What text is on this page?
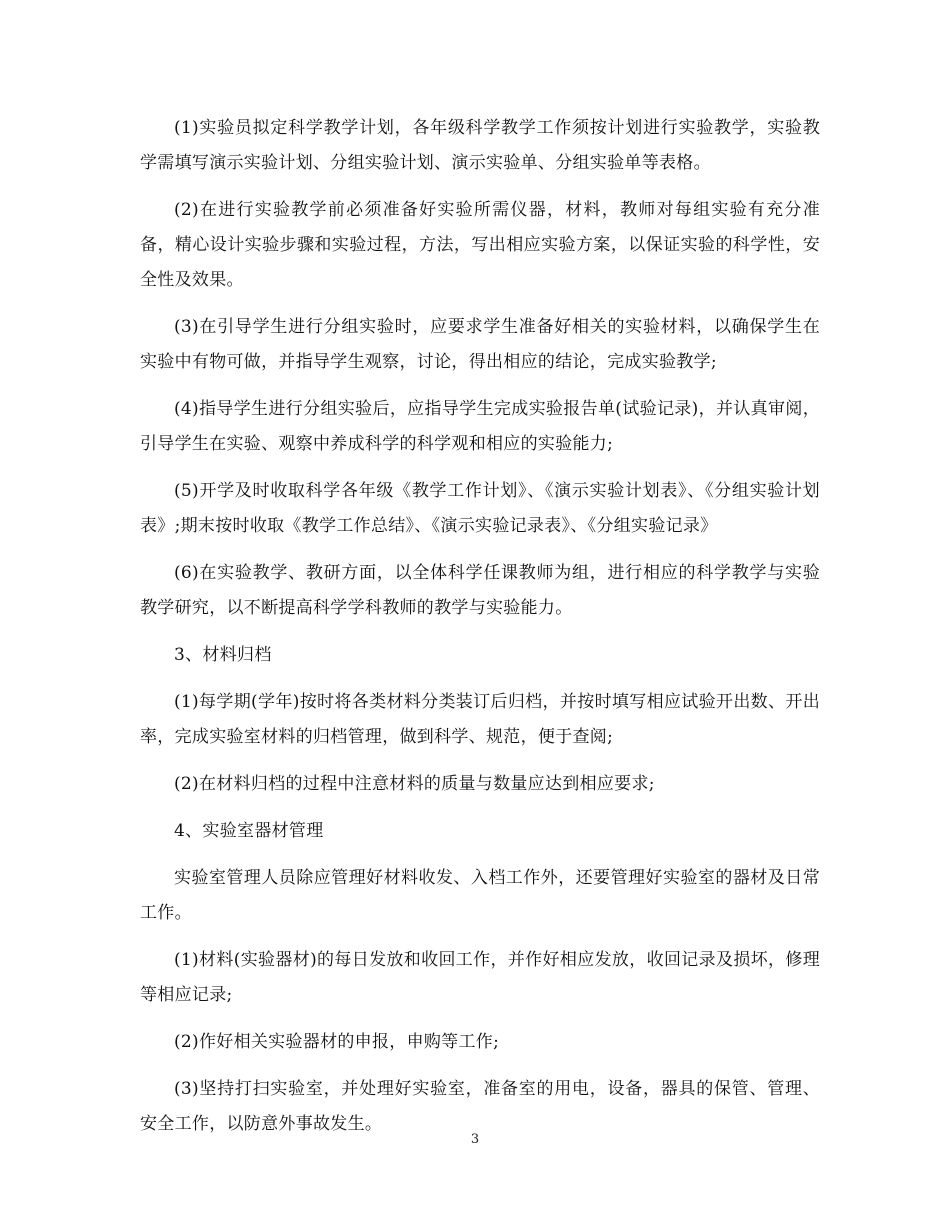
(1)实验员拟定科学教学计划，各年级科学教学工作须按计划进行实验教学，实验教学需填写演示实验计划、分组实验计划、演示实验单、分组实验单等表格。

(2)在进行实验教学前必须准备好实验所需仪器，材料，教师对每组实验有充分准备，精心设计实验步骤和实验过程，方法，写出相应实验方案，以保证实验的科学性，安全性及效果。

(3)在引导学生进行分组实验时，应要求学生准备好相关的实验材料，以确保学生在实验中有物可做，并指导学生观察，讨论，得出相应的结论，完成实验教学;

(4)指导学生进行分组实验后，应指导学生完成实验报告单(试验记录)，并认真审阅，引导学生在实验、观察中养成科学的科学观和相应的实验能力;

(5)开学及时收取科学各年级《教学工作计划》、《演示实验计划表》、《分组实验计划表》;期末按时收取《教学工作总结》、《演示实验记录表》、《分组实验记录》

(6)在实验教学、教研方面，以全体科学任课教师为组，进行相应的科学教学与实验教学研究，以不断提高科学学科教师的教学与实验能力。

3、材料归档

(1)每学期(学年)按时将各类材料分类装订后归档，并按时填写相应试验开出数、开出率，完成实验室材料的归档管理，做到科学、规范，便于查阅;

(2)在材料归档的过程中注意材料的质量与数量应达到相应要求;

4、实验室器材管理

实验室管理人员除应管理好材料收发、入档工作外，还要管理好实验室的器材及日常工作。

(1)材料(实验器材)的每日发放和收回工作，并作好相应发放，收回记录及损坏，修理等相应记录;

(2)作好相关实验器材的申报，申购等工作;

(3)坚持打扫实验室，并处理好实验室，准备室的用电，设备，器具的保管、管理、安全工作，以防意外事故发生。

3
